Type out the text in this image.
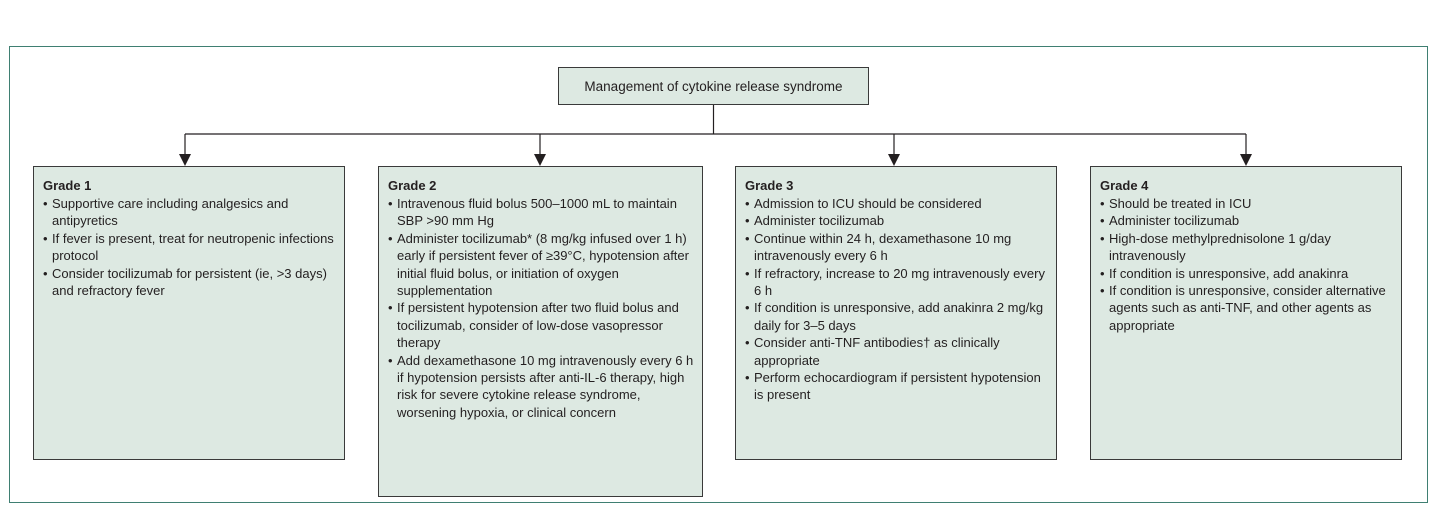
Management of cytokine release syndrome
Grade 1
• Supportive care including analgesics and antipyretics
• If fever is present, treat for neutropenic infections protocol
• Consider tocilizumab for persistent (ie, >3 days) and refractory fever
Grade 2
• Intravenous fluid bolus 500–1000 mL to maintain SBP >90 mm Hg
• Administer tocilizumab* (8 mg/kg infused over 1 h) early if persistent fever of ≥39°C, hypotension after initial fluid bolus, or initiation of oxygen supplementation
• If persistent hypotension after two fluid bolus and tocilizumab, consider of low-dose vasopressor therapy
• Add dexamethasone 10 mg intravenously every 6 h if hypotension persists after anti-IL-6 therapy, high risk for severe cytokine release syndrome, worsening hypoxia, or clinical concern
Grade 3
• Admission to ICU should be considered
• Administer tocilizumab
• Continue within 24 h, dexamethasone 10 mg intravenously every 6 h
• If refractory, increase to 20 mg intravenously every 6 h
• If condition is unresponsive, add anakinra 2 mg/kg daily for 3–5 days
• Consider anti-TNF antibodies† as clinically appropriate
• Perform echocardiogram if persistent hypotension is present
Grade 4
• Should be treated in ICU
• Administer tocilizumab
• High-dose methylprednisolone 1 g/day intravenously
• If condition is unresponsive, add anakinra
• If condition is unresponsive, consider alternative agents such as anti-TNF, and other agents as appropriate
